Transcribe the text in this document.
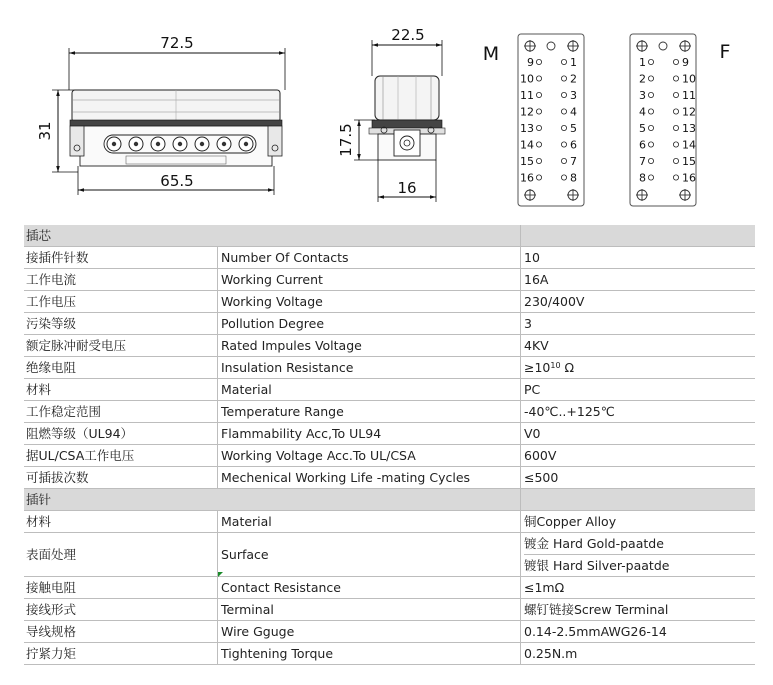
72.5
31
65.5
22.5
17.5
16
M	F
9	1
10	2
11	3
12	4
13	5
14	6
15	7
16	8
1	9
2	10
3	11
4	12
5	13
6	14
7	15
8	16
插芯		
接插件针数	Number Of Contacts	10
工作电流	Working Current	16A
工作电压	Working Voltage	230/400V
污染等级	Pollution Degree	3
额定脉冲耐受电压	Rated Impules Voltage	4KV
绝缘电阻	Insulation Resistance	$\ge 10^{10}$ Ω
材料	Material	PC
工作稳定范围	Temperature Range	-40℃..+125℃
阻燃等级（UL94）	Flammability Acc,To UL94	V0
据UL/CSA工作电压	Working Voltage Acc.To UL/CSA	600V
可插拔次数	Mechenical Working Life -mating Cycles	≤500
插针		
材料	Material	铜Copper Alloy
表面处理	Surface	镀金 Hard Gold-paatde
镀银 Hard Silver-paatde

接触电阻	Contact Resistance	≤1mΩ
接线形式	Terminal	螺钉链接Screw Terminal
导线规格	Wire Gguge	0.14-2.5mmAWG26-14
拧紧力矩	Tightening Torque	0.25N.m
